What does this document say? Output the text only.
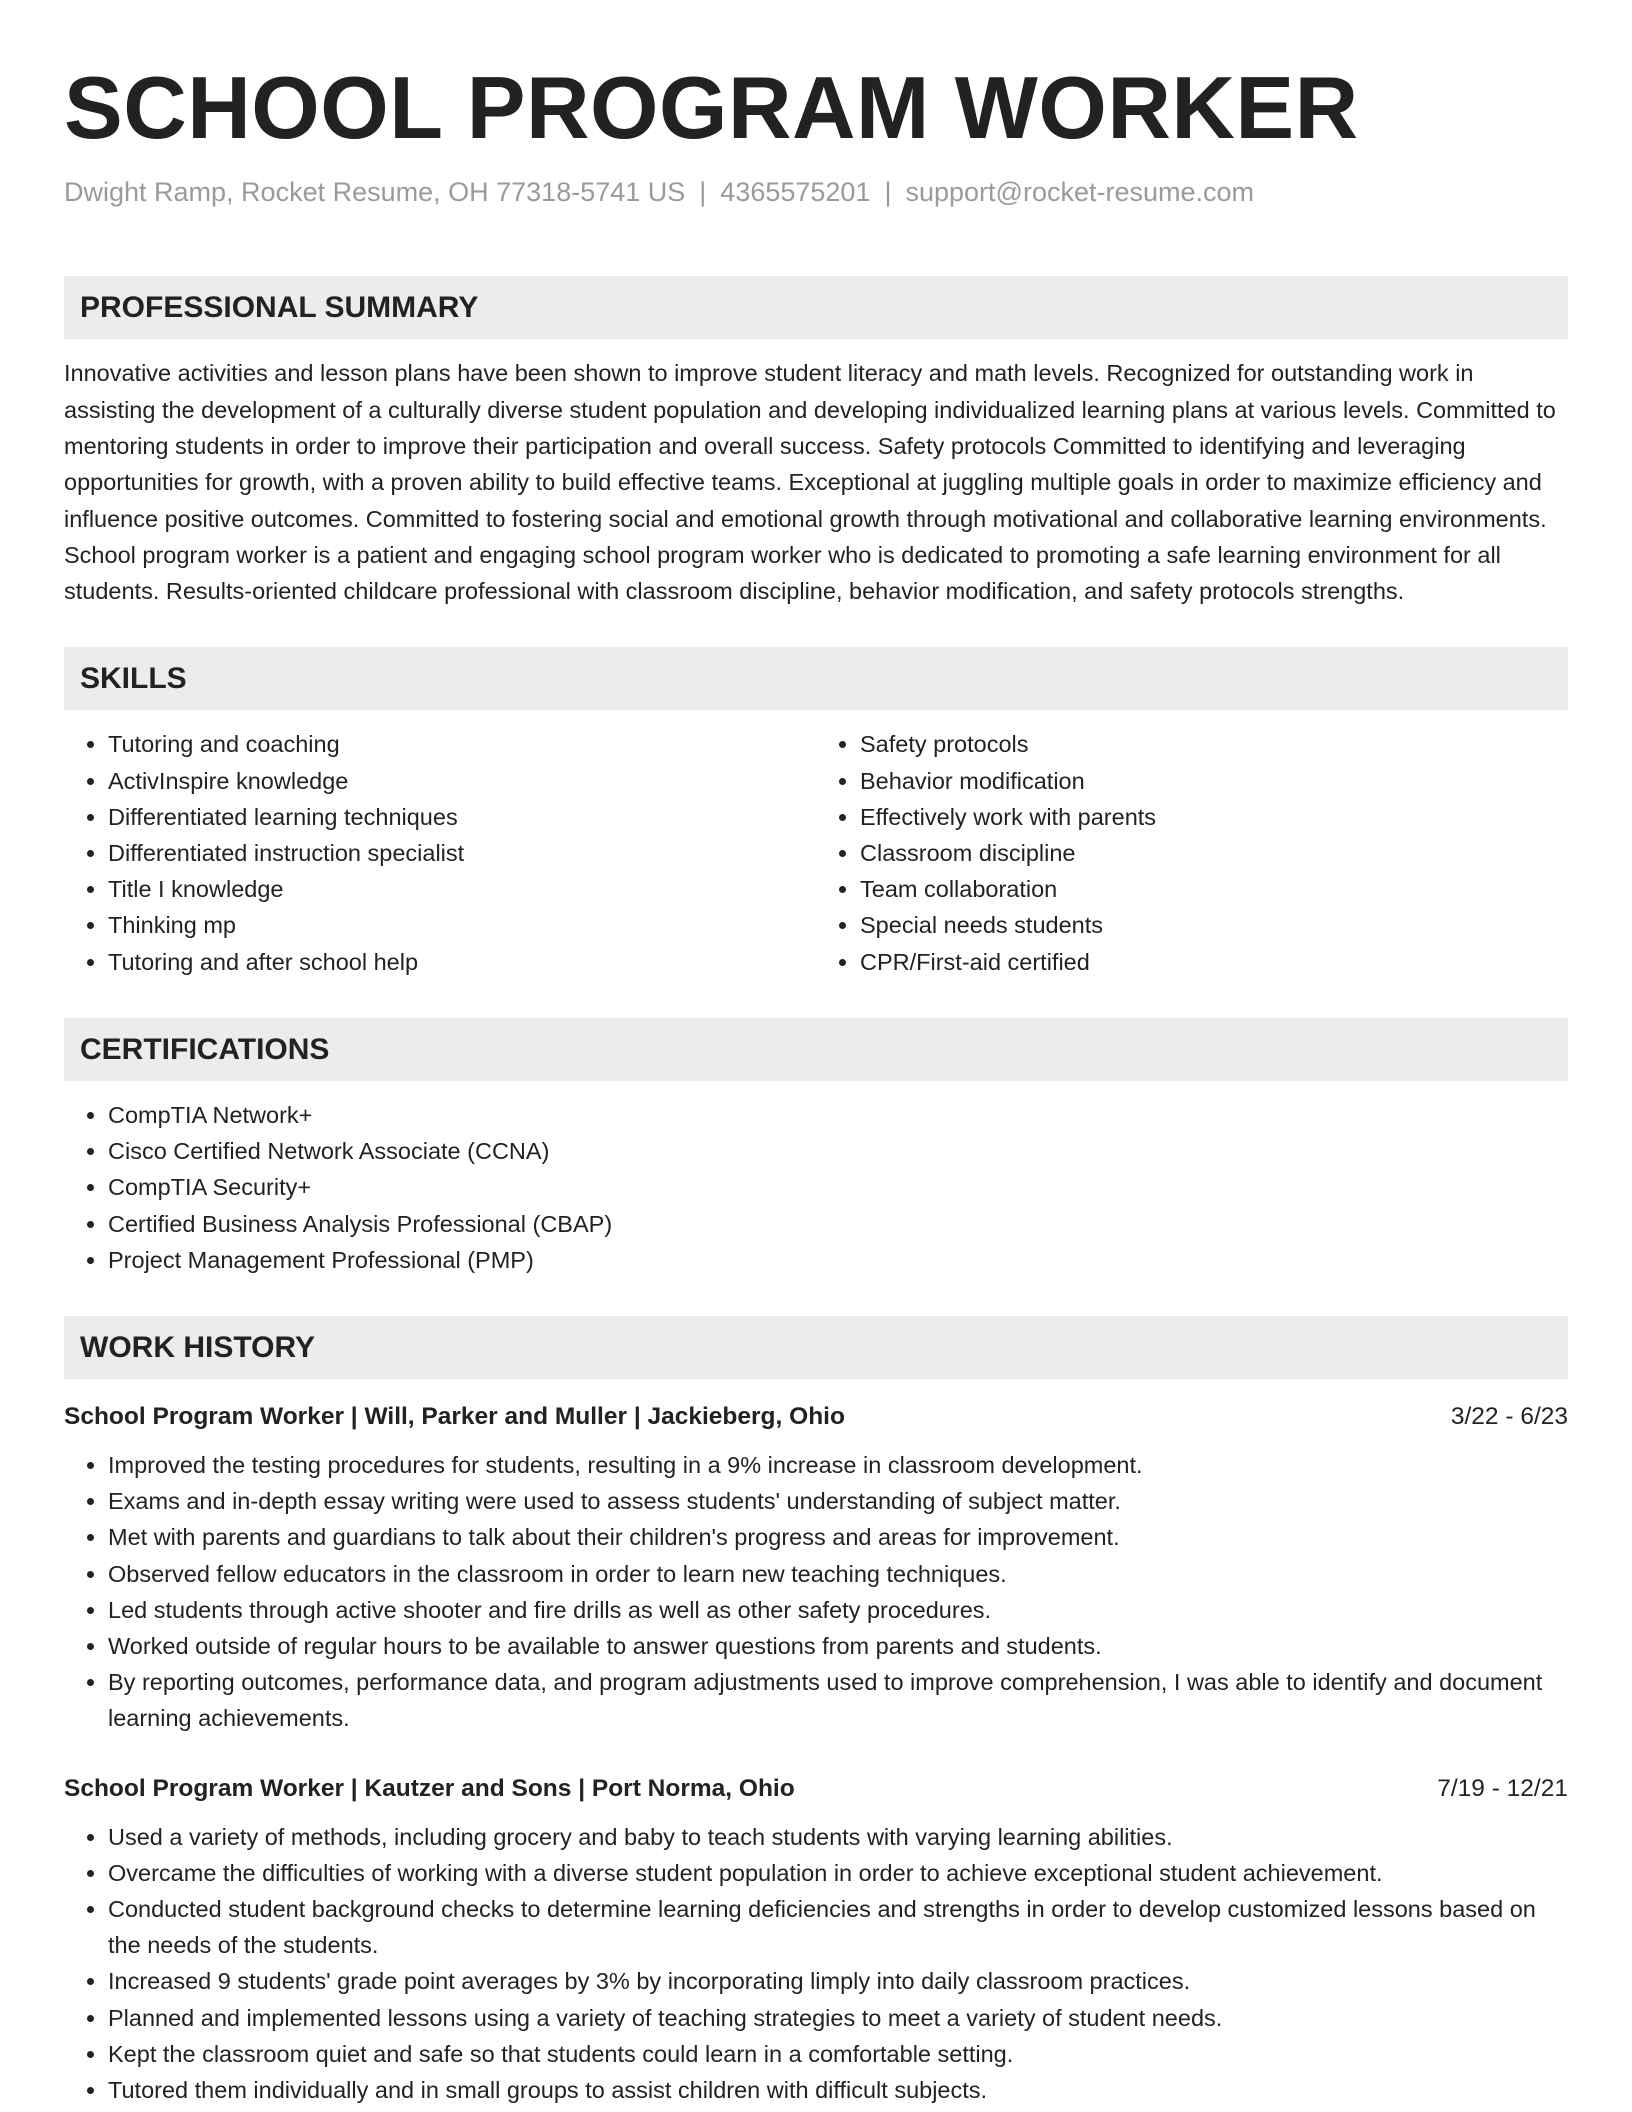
SCHOOL PROGRAM WORKER
Dwight Ramp, Rocket Resume, OH 77318-5741 US | 4365575201 | support@rocket-resume.com
PROFESSIONAL SUMMARY
Innovative activities and lesson plans have been shown to improve student literacy and math levels. Recognized for outstanding work in assisting the development of a culturally diverse student population and developing individualized learning plans at various levels. Committed to mentoring students in order to improve their participation and overall success. Safety protocols Committed to identifying and leveraging opportunities for growth, with a proven ability to build effective teams. Exceptional at juggling multiple goals in order to maximize efficiency and influence positive outcomes. Committed to fostering social and emotional growth through motivational and collaborative learning environments. School program worker is a patient and engaging school program worker who is dedicated to promoting a safe learning environment for all students. Results-oriented childcare professional with classroom discipline, behavior modification, and safety protocols strengths.
SKILLS
• Tutoring and coaching
• ActivInspire knowledge
• Differentiated learning techniques
• Differentiated instruction specialist
• Title I knowledge
• Thinking mp
• Tutoring and after school help
• Safety protocols
• Behavior modification
• Effectively work with parents
• Classroom discipline
• Team collaboration
• Special needs students
• CPR/First-aid certified
CERTIFICATIONS
• CompTIA Network+
• Cisco Certified Network Associate (CCNA)
• CompTIA Security+
• Certified Business Analysis Professional (CBAP)
• Project Management Professional (PMP)
WORK HISTORY
School Program Worker | Will, Parker and Muller | Jackieberg, Ohio	3/22 - 6/23
• Improved the testing procedures for students, resulting in a 9% increase in classroom development.
• Exams and in-depth essay writing were used to assess students' understanding of subject matter.
• Met with parents and guardians to talk about their children's progress and areas for improvement.
• Observed fellow educators in the classroom in order to learn new teaching techniques.
• Led students through active shooter and fire drills as well as other safety procedures.
• Worked outside of regular hours to be available to answer questions from parents and students.
• By reporting outcomes, performance data, and program adjustments used to improve comprehension, I was able to identify and document learning achievements.
School Program Worker | Kautzer and Sons | Port Norma, Ohio	7/19 - 12/21
• Used a variety of methods, including grocery and baby to teach students with varying learning abilities.
• Overcame the difficulties of working with a diverse student population in order to achieve exceptional student achievement.
• Conducted student background checks to determine learning deficiencies and strengths in order to develop customized lessons based on the needs of the students.
• Increased 9 students' grade point averages by 3% by incorporating limply into daily classroom practices.
• Planned and implemented lessons using a variety of teaching strategies to meet a variety of student needs.
• Kept the classroom quiet and safe so that students could learn in a comfortable setting.
• Tutored them individually and in small groups to assist children with difficult subjects.
